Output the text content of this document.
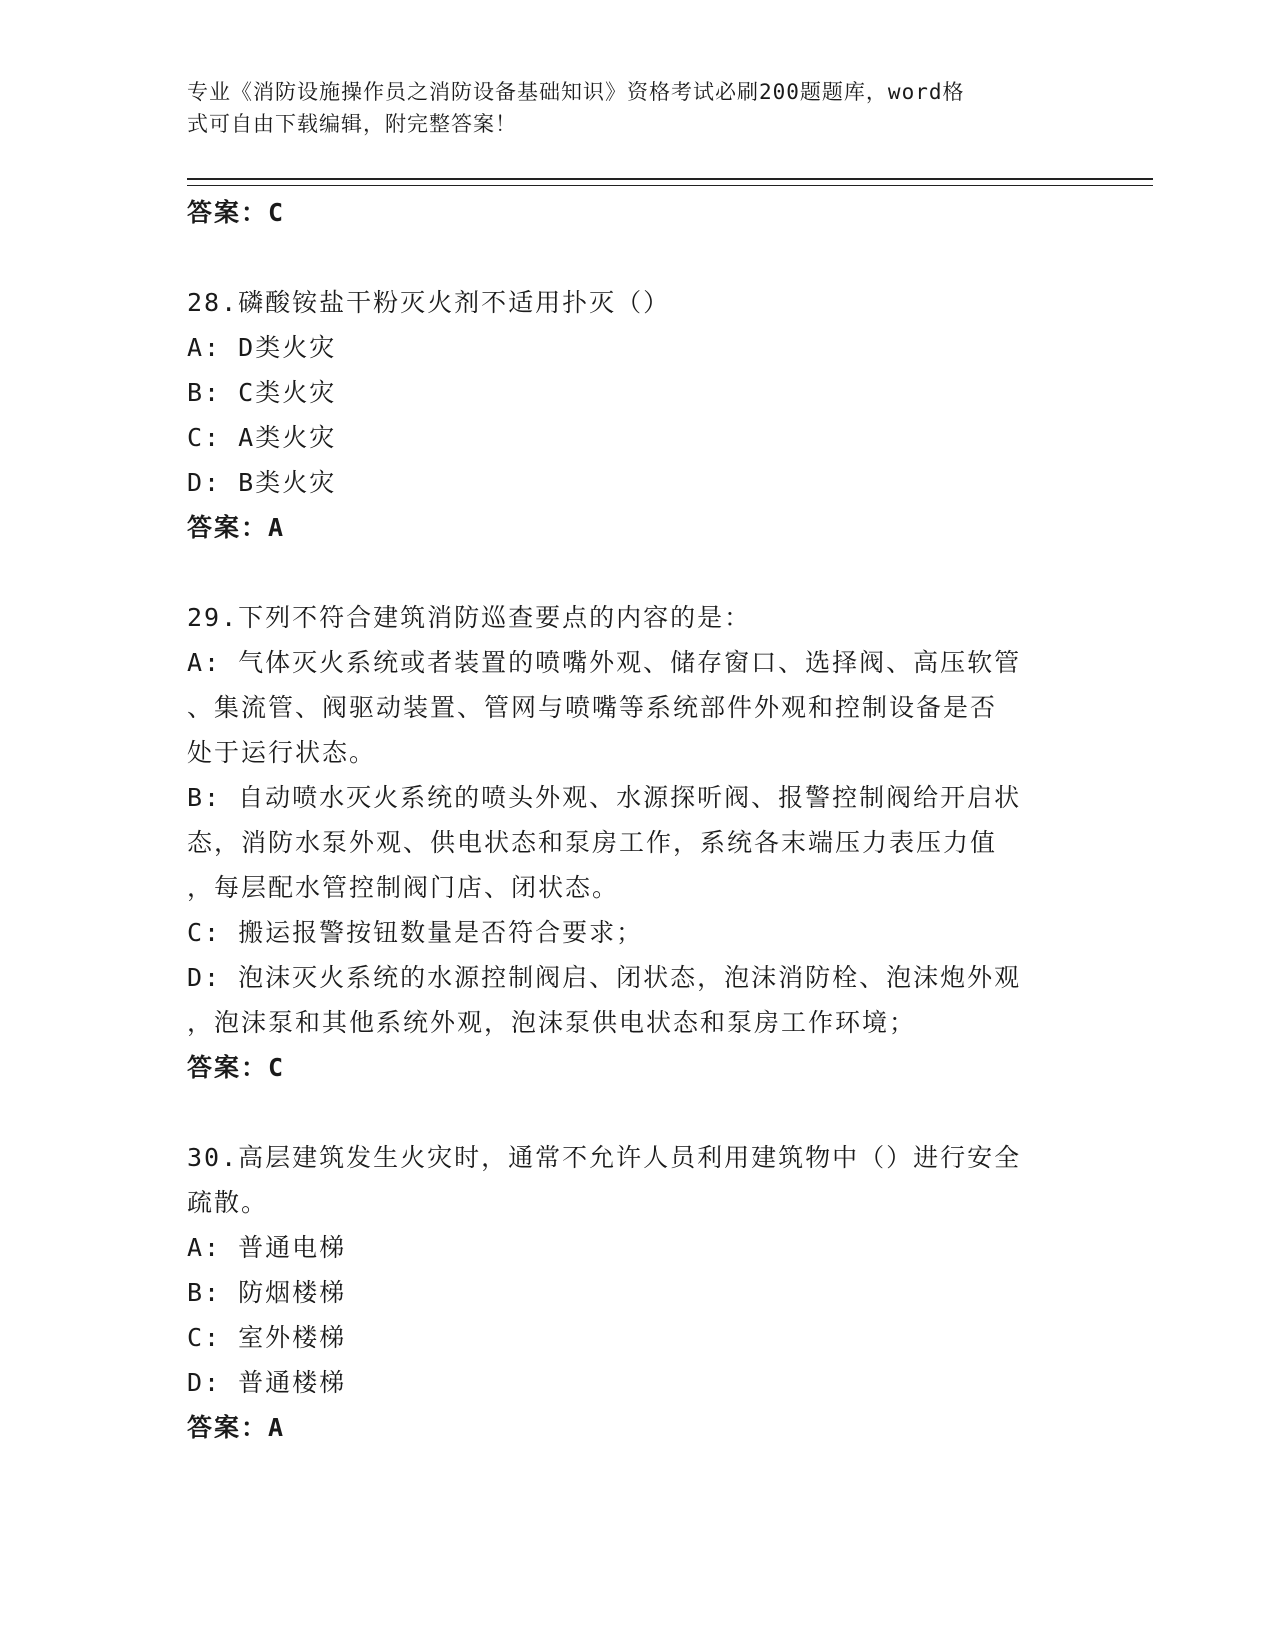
专业《消防设施操作员之消防设备基础知识》资格考试必刷200题题库，word格
式可自由下载编辑，附完整答案！
答案：C
28.磷酸铵盐干粉灭火剂不适用扑灭（）
A: D类火灾
B: C类火灾
C: A类火灾
D: B类火灾
答案：A
29.下列不符合建筑消防巡查要点的内容的是：
A: 气体灭火系统或者装置的喷嘴外观、储存窗口、选择阀、高压软管
、集流管、阀驱动装置、管网与喷嘴等系统部件外观和控制设备是否
处于运行状态。
B: 自动喷水灭火系统的喷头外观、水源探听阀、报警控制阀给开启状
态，消防水泵外观、供电状态和泵房工作，系统各末端压力表压力值
，每层配水管控制阀门店、闭状态。
C: 搬运报警按钮数量是否符合要求；
D: 泡沫灭火系统的水源控制阀启、闭状态，泡沫消防栓、泡沫炮外观
，泡沫泵和其他系统外观，泡沫泵供电状态和泵房工作环境；
答案：C
30.高层建筑发生火灾时，通常不允许人员利用建筑物中（）进行安全
疏散。
A: 普通电梯
B: 防烟楼梯
C: 室外楼梯
D: 普通楼梯
答案：A
